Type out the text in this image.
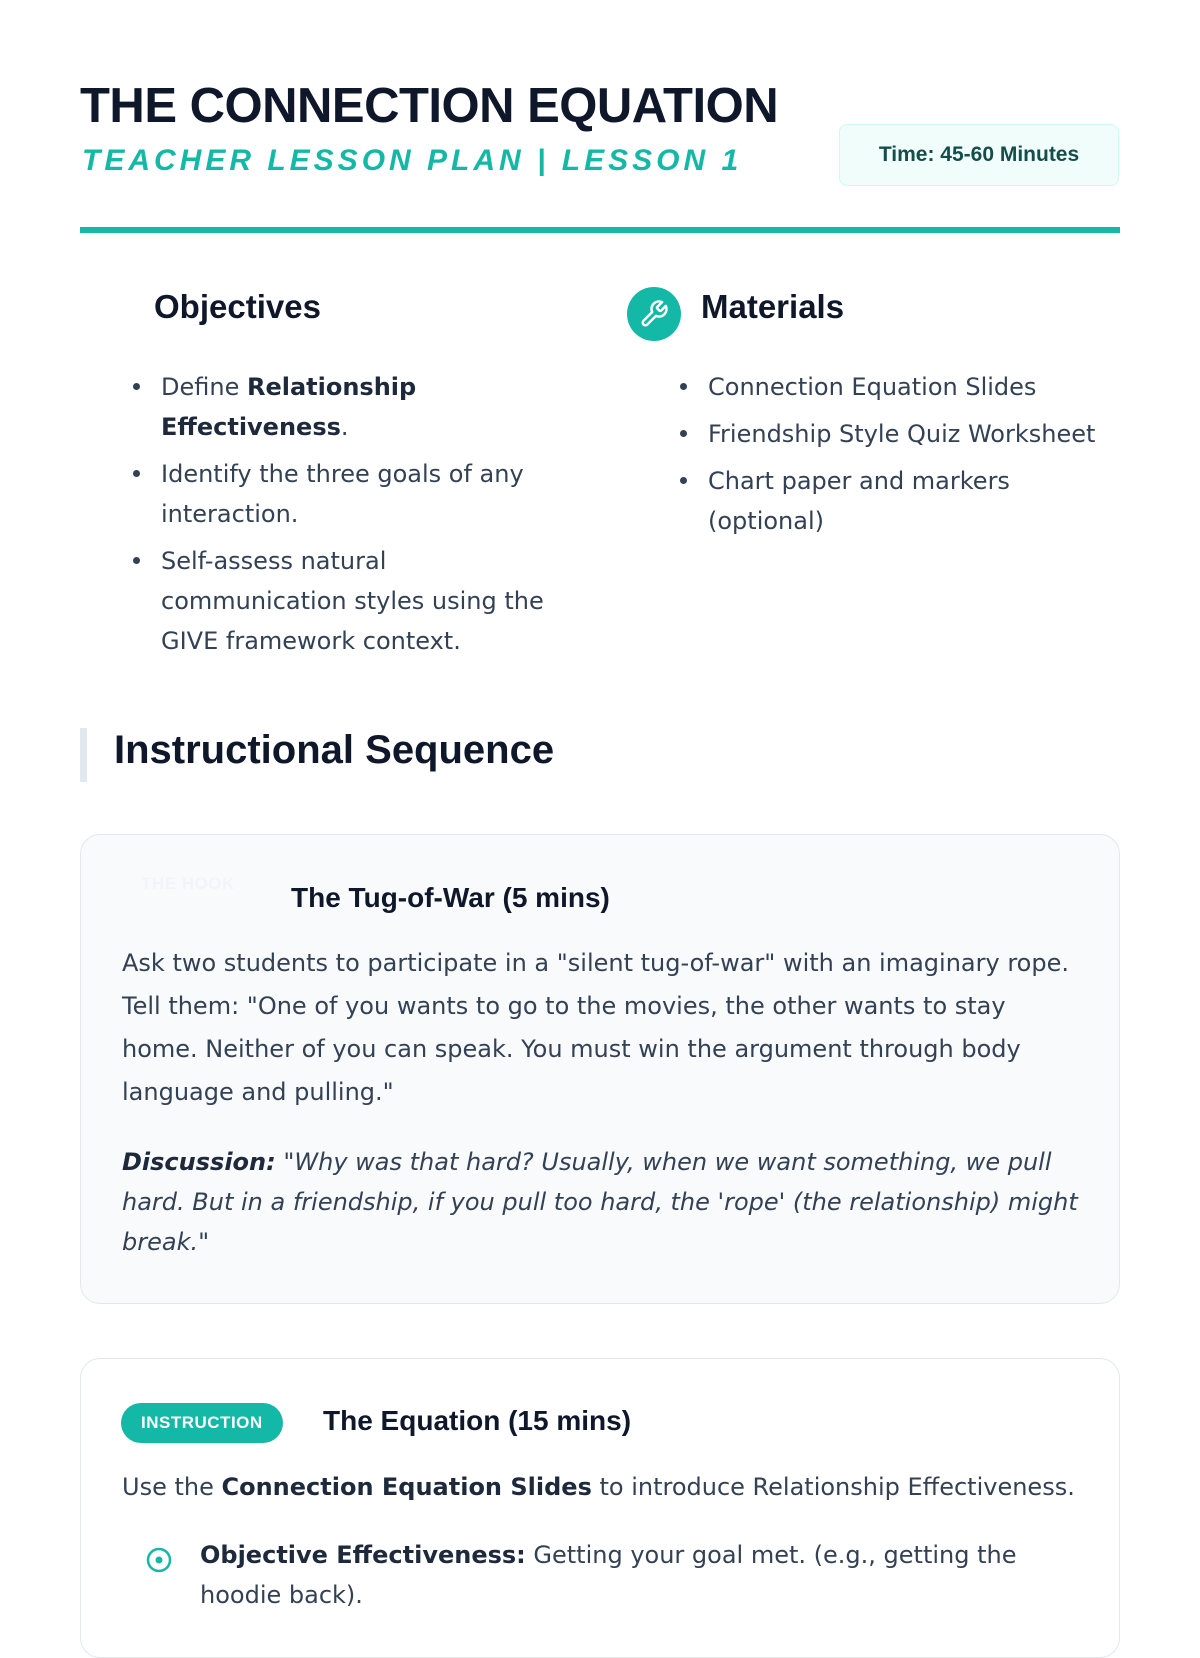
THE CONNECTION EQUATION
TEACHER LESSON PLAN | LESSON 1	Time: 45-60 Minutes
Objectives
Define Relationship Effectiveness.
Identify the three goals of any interaction.
Self-assess natural communication styles using the GIVE framework context.
Materials
Connection Equation Slides
Friendship Style Quiz Worksheet
Chart paper and markers (optional)
Instructional Sequence
THE HOOK	The Tug-of-War (5 mins)

Ask two students to participate in a "silent tug-of-war" with an imaginary rope. Tell them: "One of you wants to go to the movies, the other wants to stay home. Neither of you can speak. You must win the argument through body language and pulling."

Discussion: "Why was that hard? Usually, when we want something, we pull hard. But in a friendship, if you pull too hard, the 'rope' (the relationship) might break."

INSTRUCTION	The Equation (15 mins)

Use the Connection Equation Slides to introduce Relationship Effectiveness.

Objective Effectiveness: Getting your goal met. (e.g., getting the hoodie back).
